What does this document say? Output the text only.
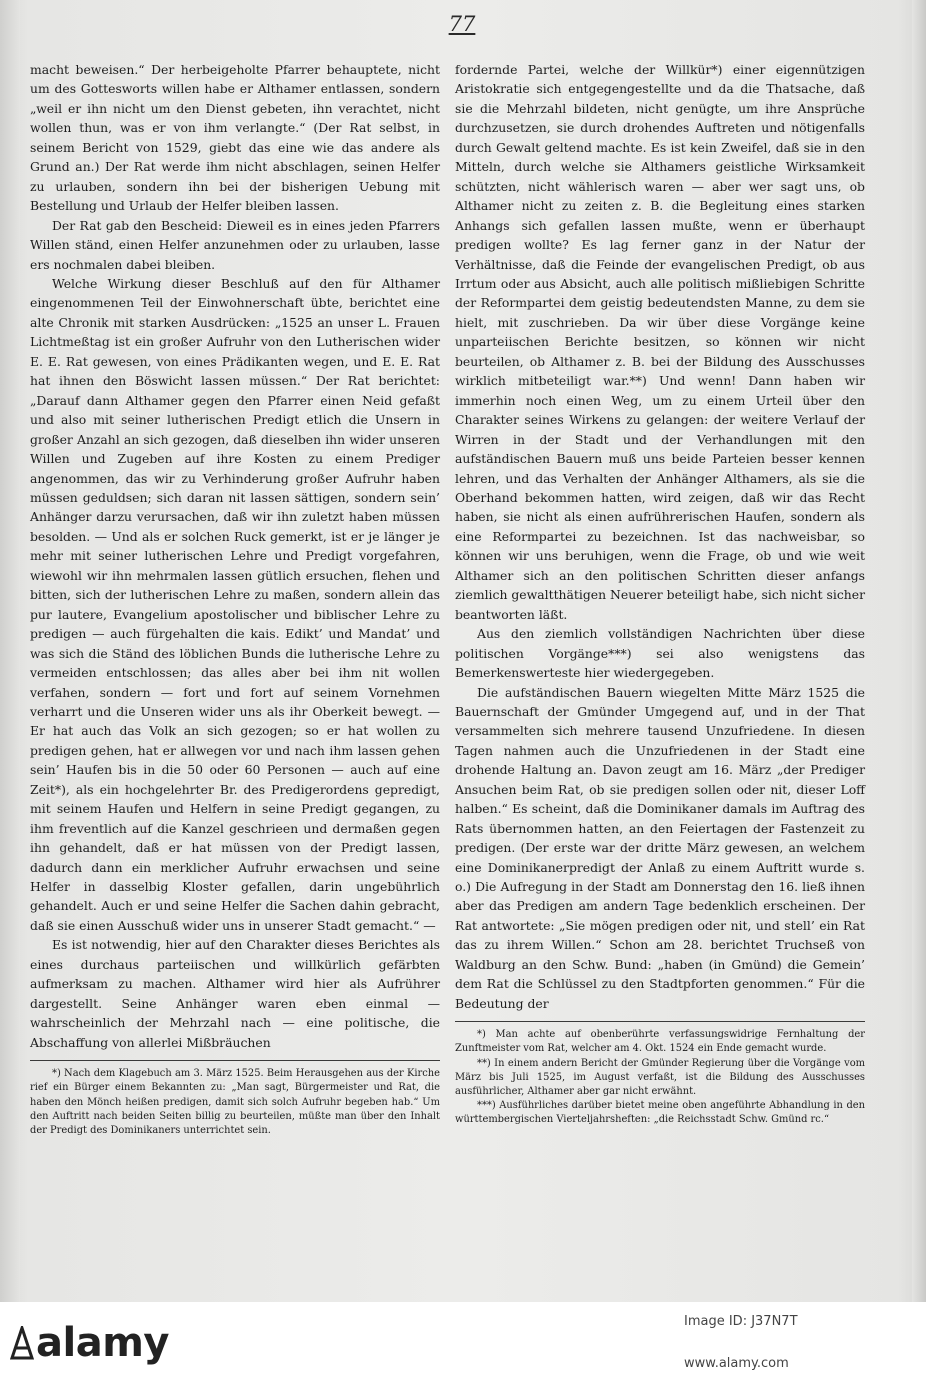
77

macht beweisen.“ Der herbeigeholte Pfarrer behauptete, nicht um des Gottesworts willen habe er Althamer entlassen, sondern „weil er ihn nicht um den Dienst gebeten, ihn verachtet, nicht wollen thun, was er von ihm verlangte.“ (Der Rat selbst, in seinem Bericht von 1529, giebt das eine wie das andere als Grund an.) Der Rat werde ihm nicht abschlagen, seinen Helfer zu urlauben, sondern ihn bei der bisherigen Uebung mit Bestellung und Urlaub der Helfer bleiben lassen.

Der Rat gab den Bescheid: Dieweil es in eines jeden Pfarrers Willen ständ, einen Helfer anzunehmen oder zu urlauben, lasse ers nochmalen dabei bleiben.

Welche Wirkung dieser Beschluß auf den für Althamer eingenommenen Teil der Einwohnerschaft übte, berichtet eine alte Chronik mit starken Ausdrücken: „1525 an unser L. Frauen Lichtmeßtag ist ein großer Aufruhr von den Lutherischen wider E. E. Rat gewesen, von eines Prädikanten wegen, und E. E. Rat hat ihnen den Böswicht lassen müssen.“ Der Rat berichtet: „Darauf dann Althamer gegen den Pfarrer einen Neid gefaßt und also mit seiner lutherischen Predigt etlich die Unsern in großer Anzahl an sich gezogen, daß dieselben ihn wider unseren Willen und Zugeben auf ihre Kosten zu einem Prediger angenommen, das wir zu Verhinderung großer Aufruhr haben müssen geduldsen; sich daran nit lassen sättigen, sondern sein’ Anhänger darzu verursachen, daß wir ihn zuletzt haben müssen besolden. — Und als er solchen Ruck gemerkt, ist er je länger je mehr mit seiner lutherischen Lehre und Predigt vorgefahren, wiewohl wir ihn mehrmalen lassen gütlich ersuchen, flehen und bitten, sich der lutherischen Lehre zu maßen, sondern allein das pur lautere, Evangelium apostolischer und biblischer Lehre zu predigen — auch fürgehalten die kais. Edikt’ und Mandat’ und was sich die Ständ des löblichen Bunds die lutherische Lehre zu vermeiden entschlossen; das alles aber bei ihm nit wollen verfahen, sondern — fort und fort auf seinem Vornehmen verharrt und die Unseren wider uns als ihr Oberkeit bewegt. — Er hat auch das Volk an sich gezogen; so er hat wollen zu predigen gehen, hat er allwegen vor und nach ihm lassen gehen sein’ Haufen bis in die 50 oder 60 Personen — auch auf eine Zeit*), als ein hochgelehrter Br. des Predigerordens gepredigt, mit seinem Haufen und Helfern in seine Predigt gegangen, zu ihm freventlich auf die Kanzel geschrieen und dermaßen gegen ihn gehandelt, daß er hat müssen von der Predigt lassen, dadurch dann ein merklicher Aufruhr erwachsen und seine Helfer in dasselbig Kloster gefallen, darin ungebührlich gehandelt. Auch er und seine Helfer die Sachen dahin gebracht, daß sie einen Ausschuß wider uns in unserer Stadt gemacht.“ —

Es ist notwendig, hier auf den Charakter dieses Berichtes als eines durchaus parteiischen und willkürlich gefärbten aufmerksam zu machen. Althamer wird hier als Aufrührer dargestellt. Seine Anhänger waren eben einmal — wahrscheinlich der Mehrzahl nach — eine politische, die Abschaffung von allerlei Mißbräuchen

*) Nach dem Klagebuch am 3. März 1525. Beim Herausgehen aus der Kirche rief ein Bürger einem Bekannten zu: „Man sagt, Bürgermeister und Rat, die haben den Mönch heißen predigen, damit sich solch Aufruhr begeben hab.“ Um den Auftritt nach beiden Seiten billig zu beurteilen, müßte man über den Inhalt der Predigt des Dominikaners unterrichtet sein.

fordernde Partei, welche der Willkür*) einer eigennützigen Aristokratie sich entgegengestellte und da die Thatsache, daß sie die Mehrzahl bildeten, nicht genügte, um ihre Ansprüche durchzusetzen, sie durch drohendes Auftreten und nötigenfalls durch Gewalt geltend machte. Es ist kein Zweifel, daß sie in den Mitteln, durch welche sie Althamers geistliche Wirksamkeit schützten, nicht wählerisch waren — aber wer sagt uns, ob Althamer nicht zu zeiten z. B. die Begleitung eines starken Anhangs sich gefallen lassen mußte, wenn er überhaupt predigen wollte? Es lag ferner ganz in der Natur der Verhältnisse, daß die Feinde der evangelischen Predigt, ob aus Irrtum oder aus Absicht, auch alle politisch mißliebigen Schritte der Reformpartei dem geistig bedeutendsten Manne, zu dem sie hielt, mit zuschrieben. Da wir über diese Vorgänge keine unparteiischen Berichte besitzen, so können wir nicht beurteilen, ob Althamer z. B. bei der Bildung des Ausschusses wirklich mitbeteiligt war.**) Und wenn! Dann haben wir immerhin noch einen Weg, um zu einem Urteil über den Charakter seines Wirkens zu gelangen: der weitere Verlauf der Wirren in der Stadt und der Verhandlungen mit den aufständischen Bauern muß uns beide Parteien besser kennen lehren, und das Verhalten der Anhänger Althamers, als sie die Oberhand bekommen hatten, wird zeigen, daß wir das Recht haben, sie nicht als einen aufrührerischen Haufen, sondern als eine Reformpartei zu bezeichnen. Ist das nachweisbar, so können wir uns beruhigen, wenn die Frage, ob und wie weit Althamer sich an den politischen Schritten dieser anfangs ziemlich gewaltthätigen Neuerer beteiligt habe, sich nicht sicher beantworten läßt.

Aus den ziemlich vollständigen Nachrichten über diese politischen Vorgänge***) sei also wenigstens das Bemerkenswerteste hier wiedergegeben.

Die aufständischen Bauern wiegelten Mitte März 1525 die Bauernschaft der Gmünder Umgegend auf, und in der That versammelten sich mehrere tausend Unzufriedene. In diesen Tagen nahmen auch die Unzufriedenen in der Stadt eine drohende Haltung an. Davon zeugt am 16. März „der Prediger Ansuchen beim Rat, ob sie predigen sollen oder nit, dieser Loff halben.“ Es scheint, daß die Dominikaner damals im Auftrag des Rats übernommen hatten, an den Feiertagen der Fastenzeit zu predigen. (Der erste war der dritte März gewesen, an welchem eine Dominikanerpredigt der Anlaß zu einem Auftritt wurde s. o.) Die Aufregung in der Stadt am Donnerstag den 16. ließ ihnen aber das Predigen am andern Tage bedenklich erscheinen. Der Rat antwortete: „Sie mögen predigen oder nit, und stell’ ein Rat das zu ihrem Willen.“ Schon am 28. berichtet Truchseß von Waldburg an den Schw. Bund: „haben (in Gmünd) die Gemein’ dem Rat die Schlüssel zu den Stadtpforten genommen.“ Für die Bedeutung der

*) Man achte auf obenberührte verfassungswidrige Fernhaltung der Zunftmeister vom Rat, welcher am 4. Okt. 1524 ein Ende gemacht wurde.

**) In einem andern Bericht der Gmünder Regierung über die Vorgänge vom März bis Juli 1525, im August verfaßt, ist die Bildung des Ausschusses ausführlicher, Althamer aber gar nicht erwähnt.

***) Ausführliches darüber bietet meine oben angeführte Abhandlung in den württembergischen Vierteljahrsheften: „die Reichsstadt Schw. Gmünd rc.“

alamy	Image ID: J37N7T
www.alamy.com
